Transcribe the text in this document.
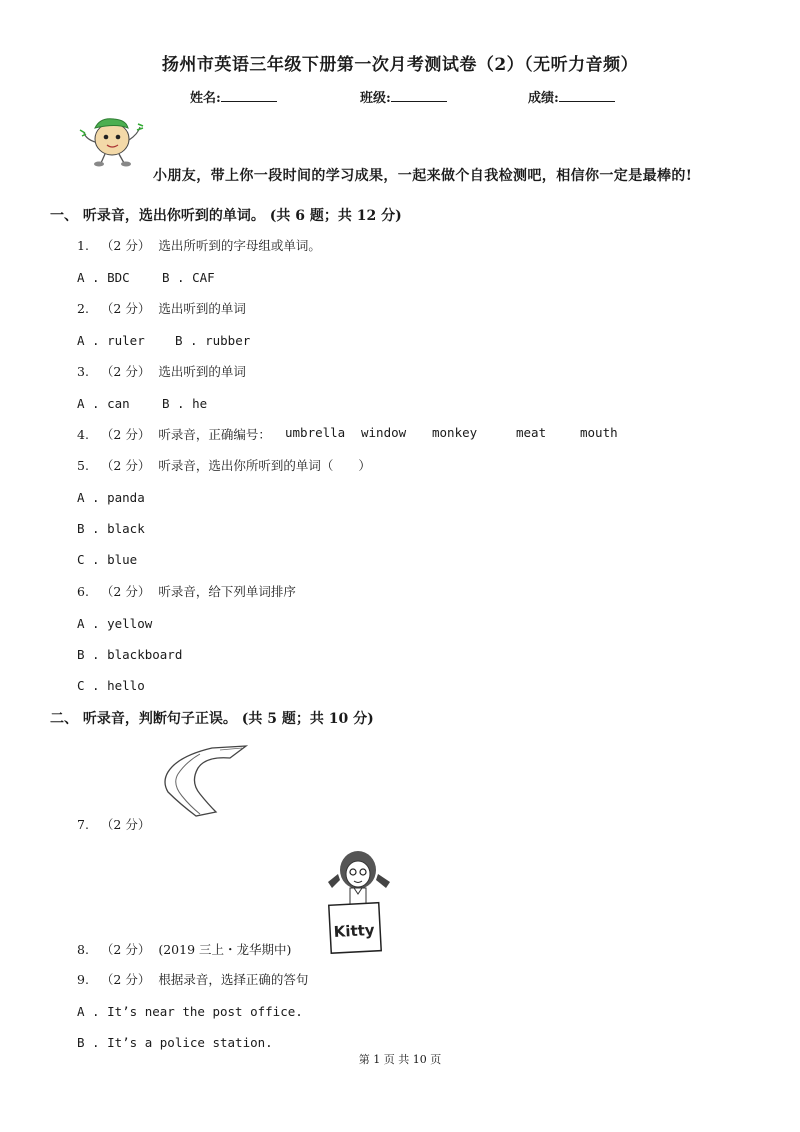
扬州市英语三年级下册第一次月考测试卷（2）（无听力音频）
姓名:	班级:	成绩:
小朋友，带上你一段时间的学习成果，一起来做个自我检测吧，相信你一定是最棒的!
一、 听录音，选出你听到的单词。 (共 6 题；共 12 分)
1. （2 分） 选出所听到的字母组或单词。
A . BDC	B . CAF
2. （2 分） 选出听到的单词
A . ruler B . rubber
3. （2 分） 选出听到的单词
A . can	B . he
4. （2 分） 听录音，正确编号： umbrella window monkey	meat	mouth
5. （2 分） 听录音，选出你所听到的单词（　　）
A . panda
B . black
C . blue
6. （2 分） 听录音，给下列单词排序
A . yellow
B . blackboard
C . hello
二、 听录音，判断句子正误。 (共 5 题；共 10 分)
7. （2 分）
Kitty
8. （2 分） (2019 三上・龙华期中)
9. （2 分） 根据录音，选择正确的答句
A . It’s near the post office.
B . It’s a police station.
第 1 页 共 10 页
